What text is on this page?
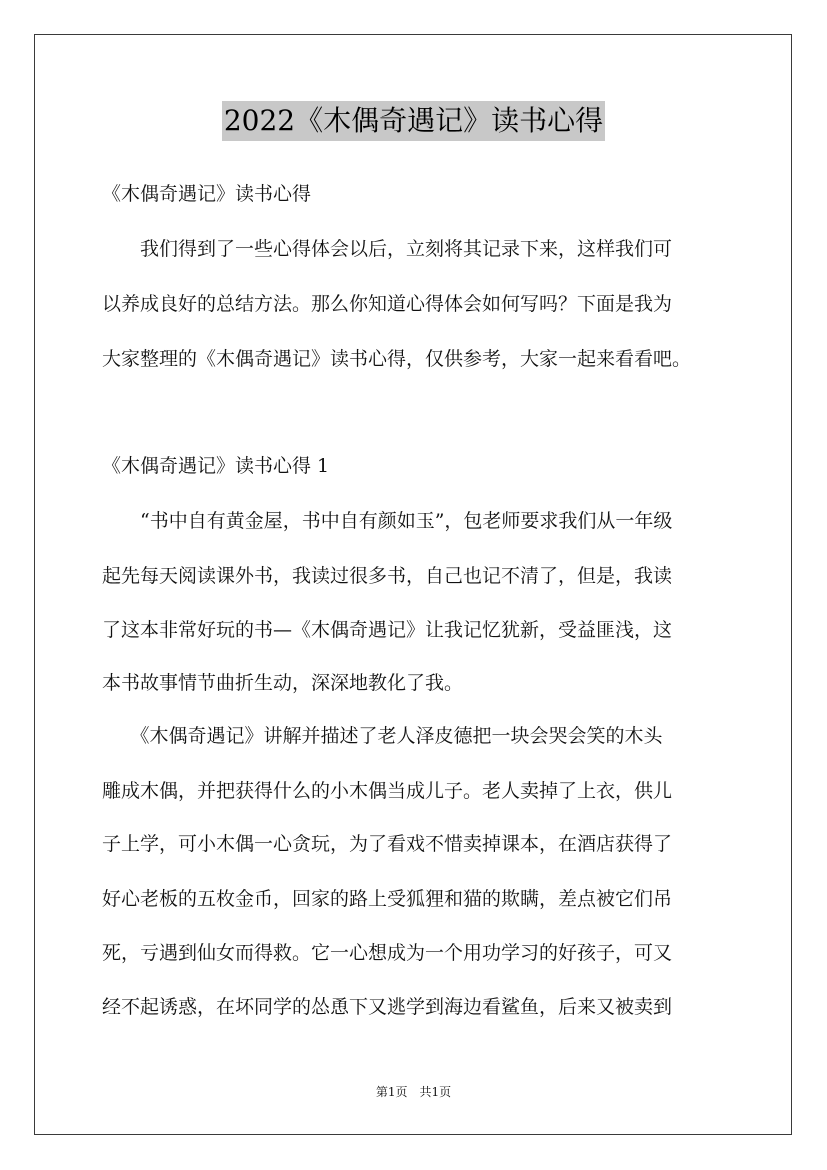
2022《木偶奇遇记》读书心得
《木偶奇遇记》读书心得
　　我们得到了一些心得体会以后，立刻将其记录下来，这样我们可
以养成良好的总结方法。那么你知道心得体会如何写吗？下面是我为
大家整理的《木偶奇遇记》读书心得，仅供参考，大家一起来看看吧。
《木偶奇遇记》读书心得 1
　　“书中自有黄金屋，书中自有颜如玉”，包老师要求我们从一年级
起先每天阅读课外书，我读过很多书，自己也记不清了，但是，我读
了这本非常好玩的书—《木偶奇遇记》让我记忆犹新，受益匪浅，这
本书故事情节曲折生动，深深地教化了我。
　　《木偶奇遇记》讲解并描述了老人泽皮德把一块会哭会笑的木头
雕成木偶，并把获得什么的小木偶当成儿子。老人卖掉了上衣，供儿
子上学，可小木偶一心贪玩，为了看戏不惜卖掉课本，在酒店获得了
好心老板的五枚金币，回家的路上受狐狸和猫的欺瞒，差点被它们吊
死，亏遇到仙女而得救。它一心想成为一个用功学习的好孩子，可又
经不起诱惑，在坏同学的怂恿下又逃学到海边看鲨鱼，后来又被卖到
第1页　共1页
